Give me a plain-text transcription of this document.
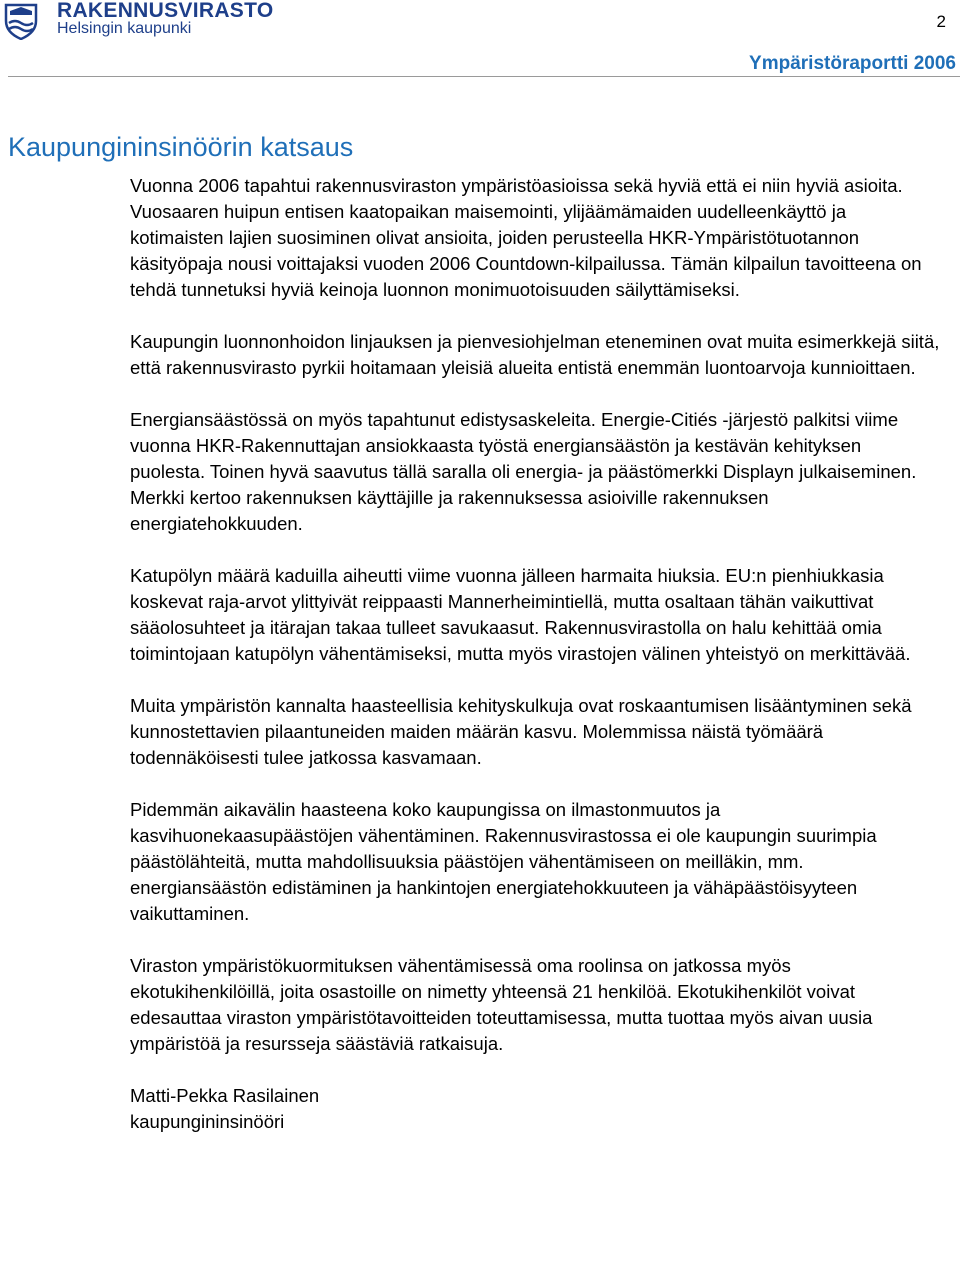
RAKENNUSVIRASTO
Helsingin kaupunki	2
Ympäristöraportti 2006
Kaupungininsinöörin katsaus

Vuonna 2006 tapahtui rakennusviraston ympäristöasioissa sekä hyviä että ei niin hyviä asioita. Vuosaaren huipun entisen kaatopaikan maisemointi, ylijäämämaiden uudelleenkäyttö ja kotimaisten lajien suosiminen olivat ansioita, joiden perusteella HKR-Ympäristötuotannon käsityöpaja nousi voittajaksi vuoden 2006 Countdown-kilpailussa. Tämän kilpailun tavoitteena on tehdä tunnetuksi hyviä keinoja luonnon monimuotoisuuden säilyttämiseksi.

Kaupungin luonnonhoidon linjauksen ja pienvesiohjelman eteneminen ovat muita esimerkkejä siitä, että rakennusvirasto pyrkii hoitamaan yleisiä alueita entistä enemmän luontoarvoja kunnioittaen.

Energiansäästössä on myös tapahtunut edistysaskeleita. Energie-Citiés -järjestö palkitsi viime vuonna HKR-Rakennuttajan ansiokkaasta työstä energiansäästön ja kestävän kehityksen puolesta. Toinen hyvä saavutus tällä saralla oli energia- ja päästömerkki Displayn julkaiseminen. Merkki kertoo rakennuksen käyttäjille ja rakennuksessa asioiville rakennuksen energiatehokkuuden.

Katupölyn määrä kaduilla aiheutti viime vuonna jälleen harmaita hiuksia. EU:n pienhiukkasia koskevat raja-arvot ylittyivät reippaasti Mannerheimintiellä, mutta osaltaan tähän vaikuttivat sääolosuhteet ja itärajan takaa tulleet savukaasut. Rakennusvirastolla on halu kehittää omia toimintojaan katupölyn vähentämiseksi, mutta myös virastojen välinen yhteistyö on merkittävää.

Muita ympäristön kannalta haasteellisia kehityskulkuja ovat roskaantumisen lisääntyminen sekä kunnostettavien pilaantuneiden maiden määrän kasvu. Molemmissa näistä työmäärä todennäköisesti tulee jatkossa kasvamaan.

Pidemmän aikavälin haasteena koko kaupungissa on ilmastonmuutos ja kasvihuonekaasupäästöjen vähentäminen. Rakennusvirastossa ei ole kaupungin suurimpia päästölähteitä, mutta mahdollisuuksia päästöjen vähentämiseen on meilläkin, mm. energiansäästön edistäminen ja hankintojen energiatehokkuuteen ja vähäpäästöisyyteen vaikuttaminen.

Viraston ympäristökuormituksen vähentämisessä oma roolinsa on jatkossa myös ekotukihenkilöillä, joita osastoille on nimetty yhteensä 21 henkilöä. Ekotukihenkilöt voivat edesauttaa viraston ympäristötavoitteiden toteuttamisessa, mutta tuottaa myös aivan uusia ympäristöä ja resursseja säästäviä ratkaisuja.

Matti-Pekka Rasilainen
kaupungininsinööri
